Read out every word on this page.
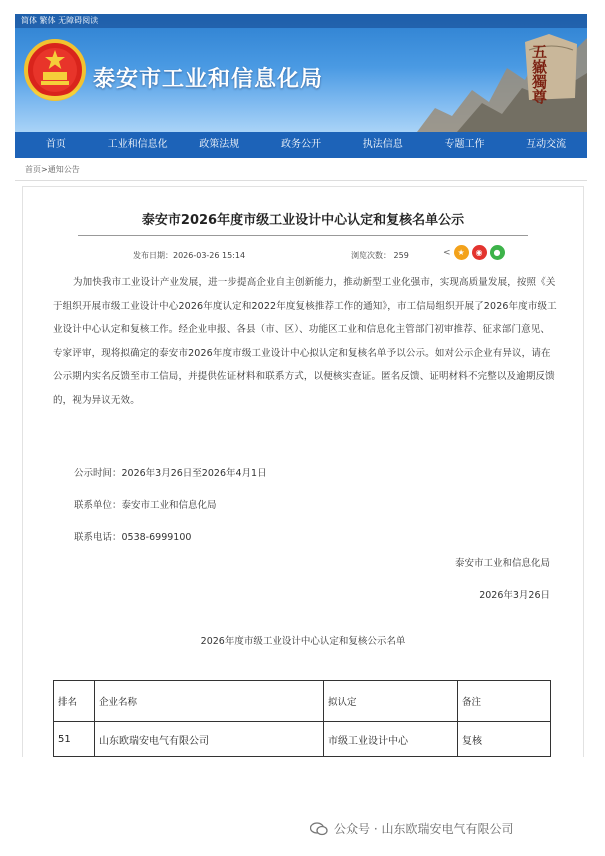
简体 繁体 无障碍阅读
泰安市工业和信息化局	五嶽獨尊
首页	工业和信息化	政策法规	政务公开	执法信息	专题工作	互动交流
首页>通知公告
泰安市2026年度市级工业设计中心认定和复核名单公示
发布日期：2026-03-26 15:14	浏览次数： 259	< ★	◉	●
为加快我市工业设计产业发展，进一步提高企业自主创新能力，推动新型工业化强市，实现高质量发展，按照《关于组织开展市级工业设计中心2026年度认定和2022年度复核推荐工作的通知》，市工信局组织开展了2026年度市级工业设计中心认定和复核工作。经企业申报、各县（市、区）、功能区工业和信息化主管部门初审推荐、征求部门意见、专家评审，现将拟确定的泰安市2026年度市级工业设计中心拟认定和复核名单予以公示。如对公示企业有异议，请在公示期内实名反馈至市工信局，并提供佐证材料和联系方式，以便核实查证。匿名反馈、证明材料不完整以及逾期反馈的，视为异议无效。
公示时间：2026年3月26日至2026年4月1日
联系单位：泰安市工业和信息化局
联系电话：0538-6999100
泰安市工业和信息化局
2026年3月26日
2026年度市级工业设计中心认定和复核公示名单
排名	企业名称	拟认定	备注
51	山东欧瑞安电气有限公司	市级工业设计中心	复核
公众号 · 山东欧瑞安电气有限公司
